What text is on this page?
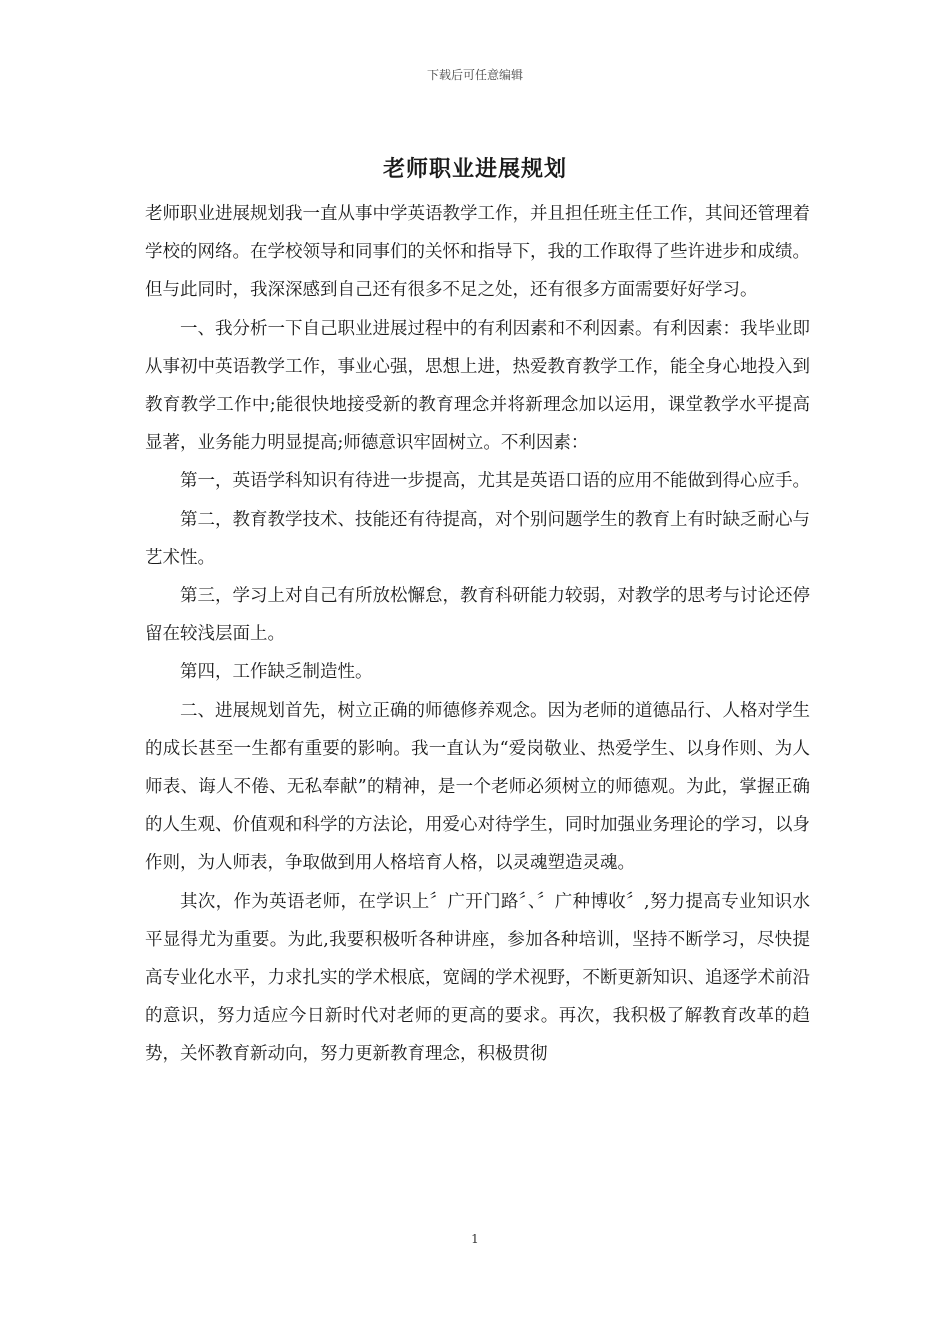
下载后可任意编辑
老师职业进展规划

老师职业进展规划我一直从事中学英语教学工作，并且担任班主任工作，其间还管理着学校的网络。在学校领导和同事们的关怀和指导下，我的工作取得了些许进步和成绩。但与此同时，我深深感到自己还有很多不足之处，还有很多方面需要好好学习。

一、我分析一下自己职业进展过程中的有利因素和不利因素。有利因素：我毕业即从事初中英语教学工作，事业心强，思想上进，热爱教育教学工作，能全身心地投入到教育教学工作中;能很快地接受新的教育理念并将新理念加以运用，课堂教学水平提高显著，业务能力明显提高;师德意识牢固树立。不利因素：

第一，英语学科知识有待进一步提高，尤其是英语口语的应用不能做到得心应手。

第二，教育教学技术、技能还有待提高，对个别问题学生的教育上有时缺乏耐心与艺术性。

第三，学习上对自己有所放松懈怠，教育科研能力较弱，对教学的思考与讨论还停留在较浅层面上。

第四，工作缺乏制造性。

二、进展规划首先，树立正确的师德修养观念。因为老师的道德品行、人格对学生的成长甚至一生都有重要的影响。我一直认为“爱岗敬业、热爱学生、以身作则、为人师表、诲人不倦、无私奉献”的精神，是一个老师必须树立的师德观。为此，掌握正确的人生观、价值观和科学的方法论，用爱心对待学生，同时加强业务理论的学习，以身作则，为人师表，争取做到用人格培育人格，以灵魂塑造灵魂。

其次，作为英语老师，在学识上〞广开门路〞、〞广种博收〞,努力提高专业知识水平显得尤为重要。为此,我要积极听各种讲座，参加各种培训，坚持不断学习，尽快提高专业化水平，力求扎实的学术根底，宽阔的学术视野，不断更新知识、追逐学术前沿的意识，努力适应今日新时代对老师的更高的要求。再次，我积极了解教育改革的趋势，关怀教育新动向，努力更新教育理念，积极贯彻

1
